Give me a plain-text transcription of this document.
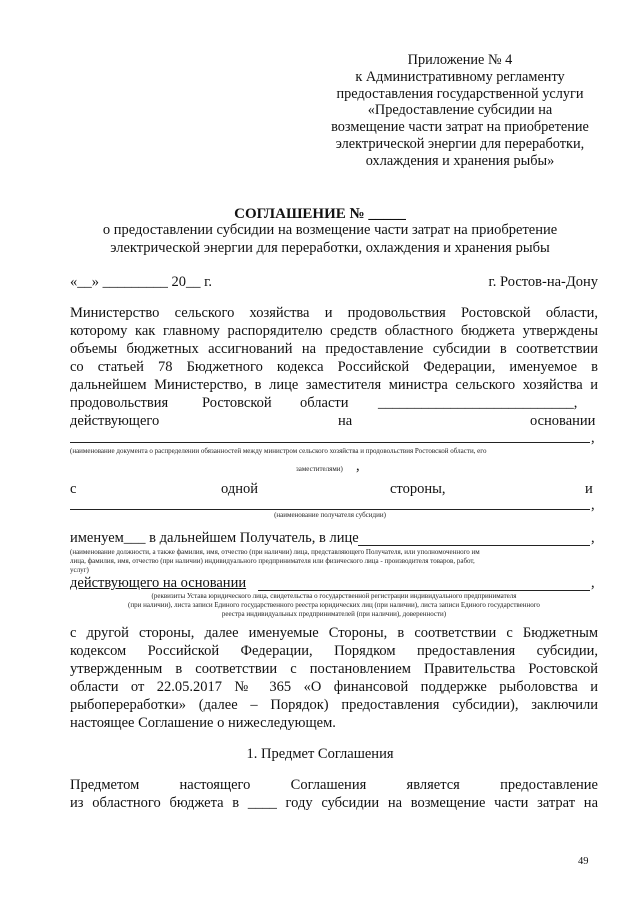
Приложение № 4
к Административному регламенту
предоставления государственной услуги
«Предоставление субсидии на
возмещение части затрат на приобретение
электрической энергии для переработки,
охлаждения и хранения рыбы»
СОГЛАШЕНИЕ № _____
о предоставлении субсидии на возмещение части затрат на приобретение
электрической энергии для переработки, охлаждения и хранения рыбы
«__» _________ 20__ г.	г. Ростов-на-Дону
Министерство сельского хозяйства и продовольствия Ростовской области,
которому как главному распорядителю средств областного бюджета утверждены
объемы бюджетных ассигнований на предоставление субсидии в соответствии
со статьей 78 Бюджетного кодекса Российской Федерации, именуемое в
дальнейшем Министерство, в лице заместителя министра сельского хозяйства и
продовольствия Ростовской области ___________________________,
действующего	на	основании
,
(наименование документа о распределении обязанностей между министром сельского хозяйства и продовольствия Ростовской области, его
заместителями) ,
с	одной	стороны,	и
,
(наименование получателя субсидии)
именуем___ в дальнейшем Получатель, в лице	,
(наименование должности, а также фамилия, имя, отчество (при наличии) лица, представляющего Получателя, или уполномоченного им
лица, фамилия, имя, отчество (при наличии) индивидуального предпринимателя или физического лица - производителя товаров, работ,
услуг)
действующего на основании	,
(реквизиты Устава юридического лица, свидетельства о государственной регистрации индивидуального предпринимателя
(при наличии), листа записи Единого государственного реестра юридических лиц (при наличии), листа записи Единого государственного
реестра индивидуальных предпринимателей (при наличии), доверенности)
с другой стороны, далее именуемые Стороны, в соответствии с Бюджетным
кодексом Российской Федерации, Порядком предоставления субсидии,
утвержденным в соответствии с постановлением Правительства Ростовской
области от 22.05.2017 № 365 «О финансовой поддержке рыболовства и
рыбопереработки» (далее – Порядок) предоставления субсидии), заключили
настоящее Соглашение о нижеследующем.
1. Предмет Соглашения
Предметом настоящего Соглашения является предоставление
из областного бюджета в ____ году субсидии на возмещение части затрат на
49
